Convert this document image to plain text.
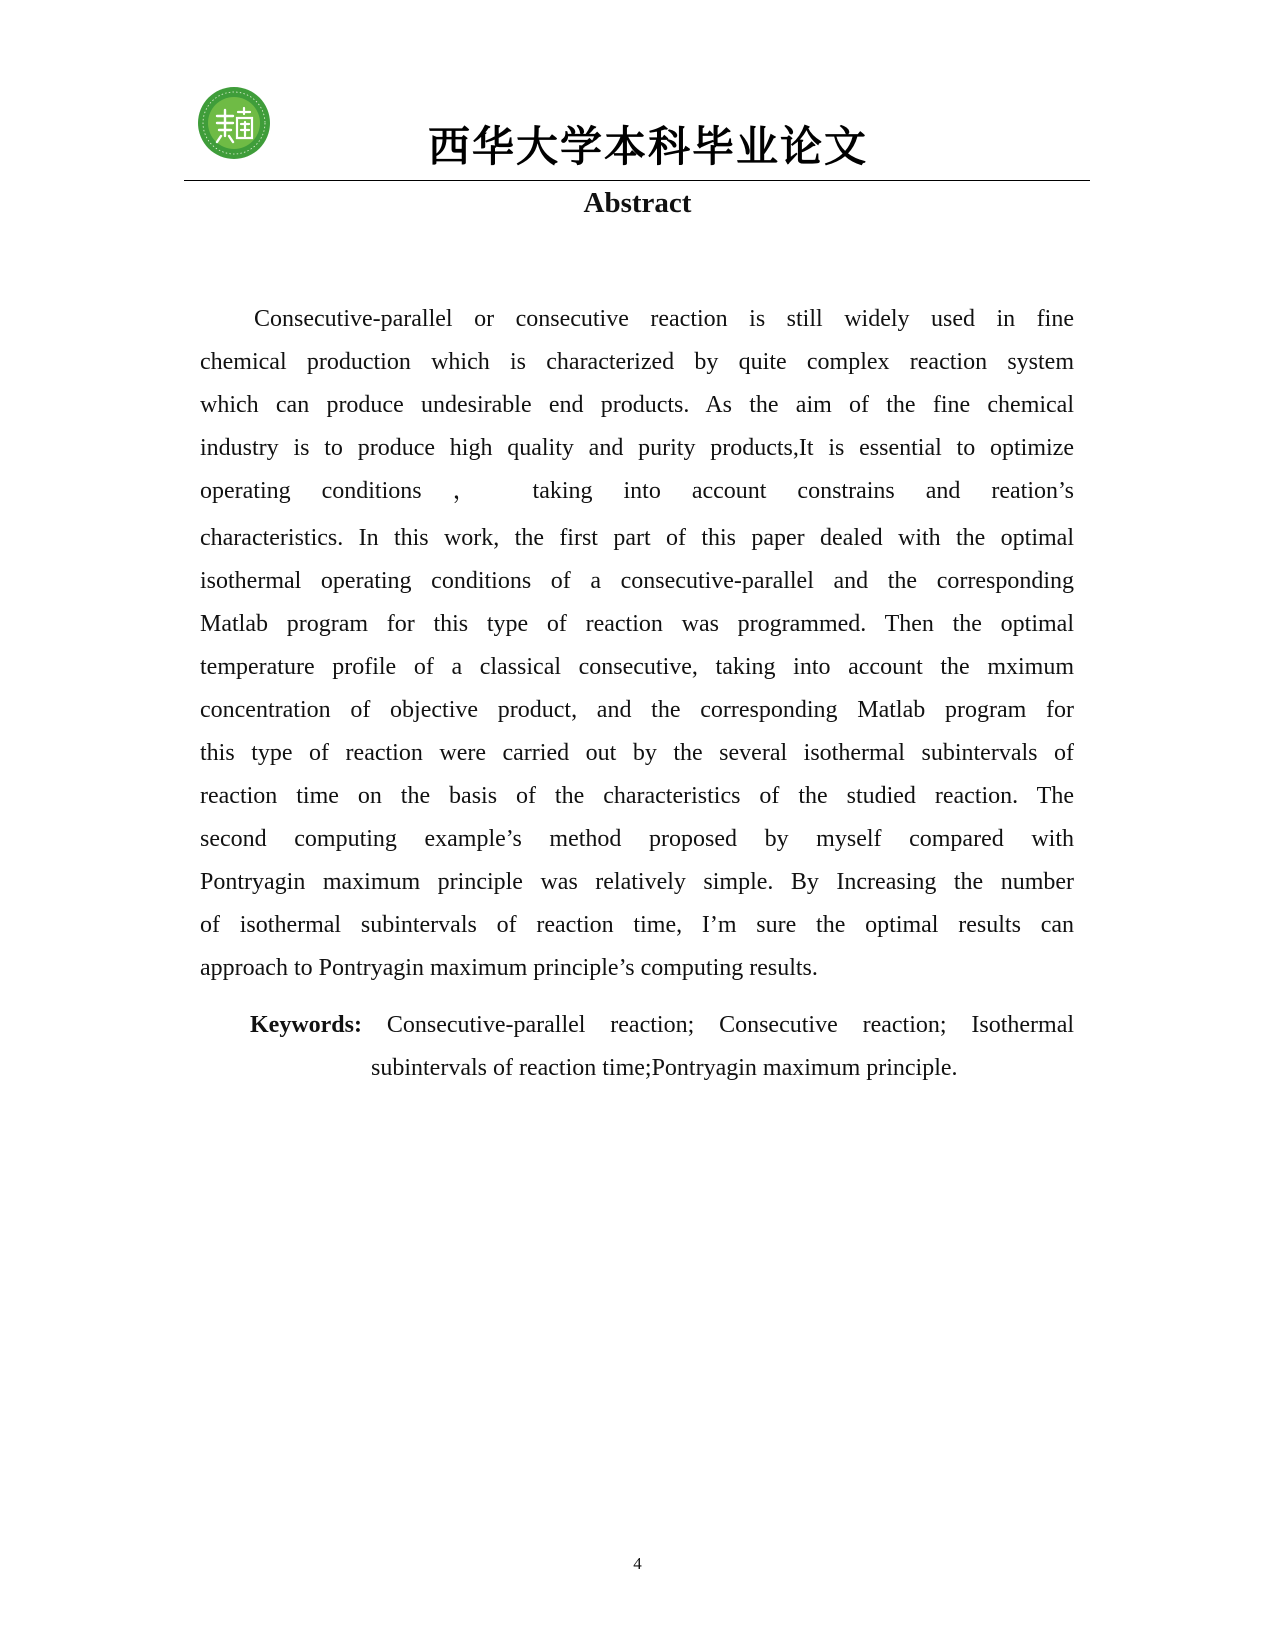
西华大学本科毕业论文
Abstract
Consecutive-parallel or consecutive reaction is still widely used in fine
chemical production which is characterized by quite complex reaction system
which can produce undesirable end products. As the aim of the fine chemical
industry is to produce high quality and purity products,It is essential to optimize
operating conditions ， taking into account constrains and reation’s
characteristics. In this work, the first part of this paper dealed with the optimal
isothermal operating conditions of a consecutive-parallel and the corresponding
Matlab program for this type of reaction was programmed. Then the optimal
temperature profile of a classical consecutive, taking into account the mximum
concentration of objective product, and the corresponding Matlab program for
this type of reaction were carried out by the several isothermal subintervals of
reaction time on the basis of the characteristics of the studied reaction. The
second computing example’s method proposed by myself compared with
Pontryagin maximum principle was relatively simple. By Increasing the number
of isothermal subintervals of reaction time, I’m sure the optimal results can
approach to Pontryagin maximum principle’s computing results.
Keywords: Consecutive-parallel reaction; Consecutive reaction; Isothermal
subintervals of reaction time;Pontryagin maximum principle.
4
